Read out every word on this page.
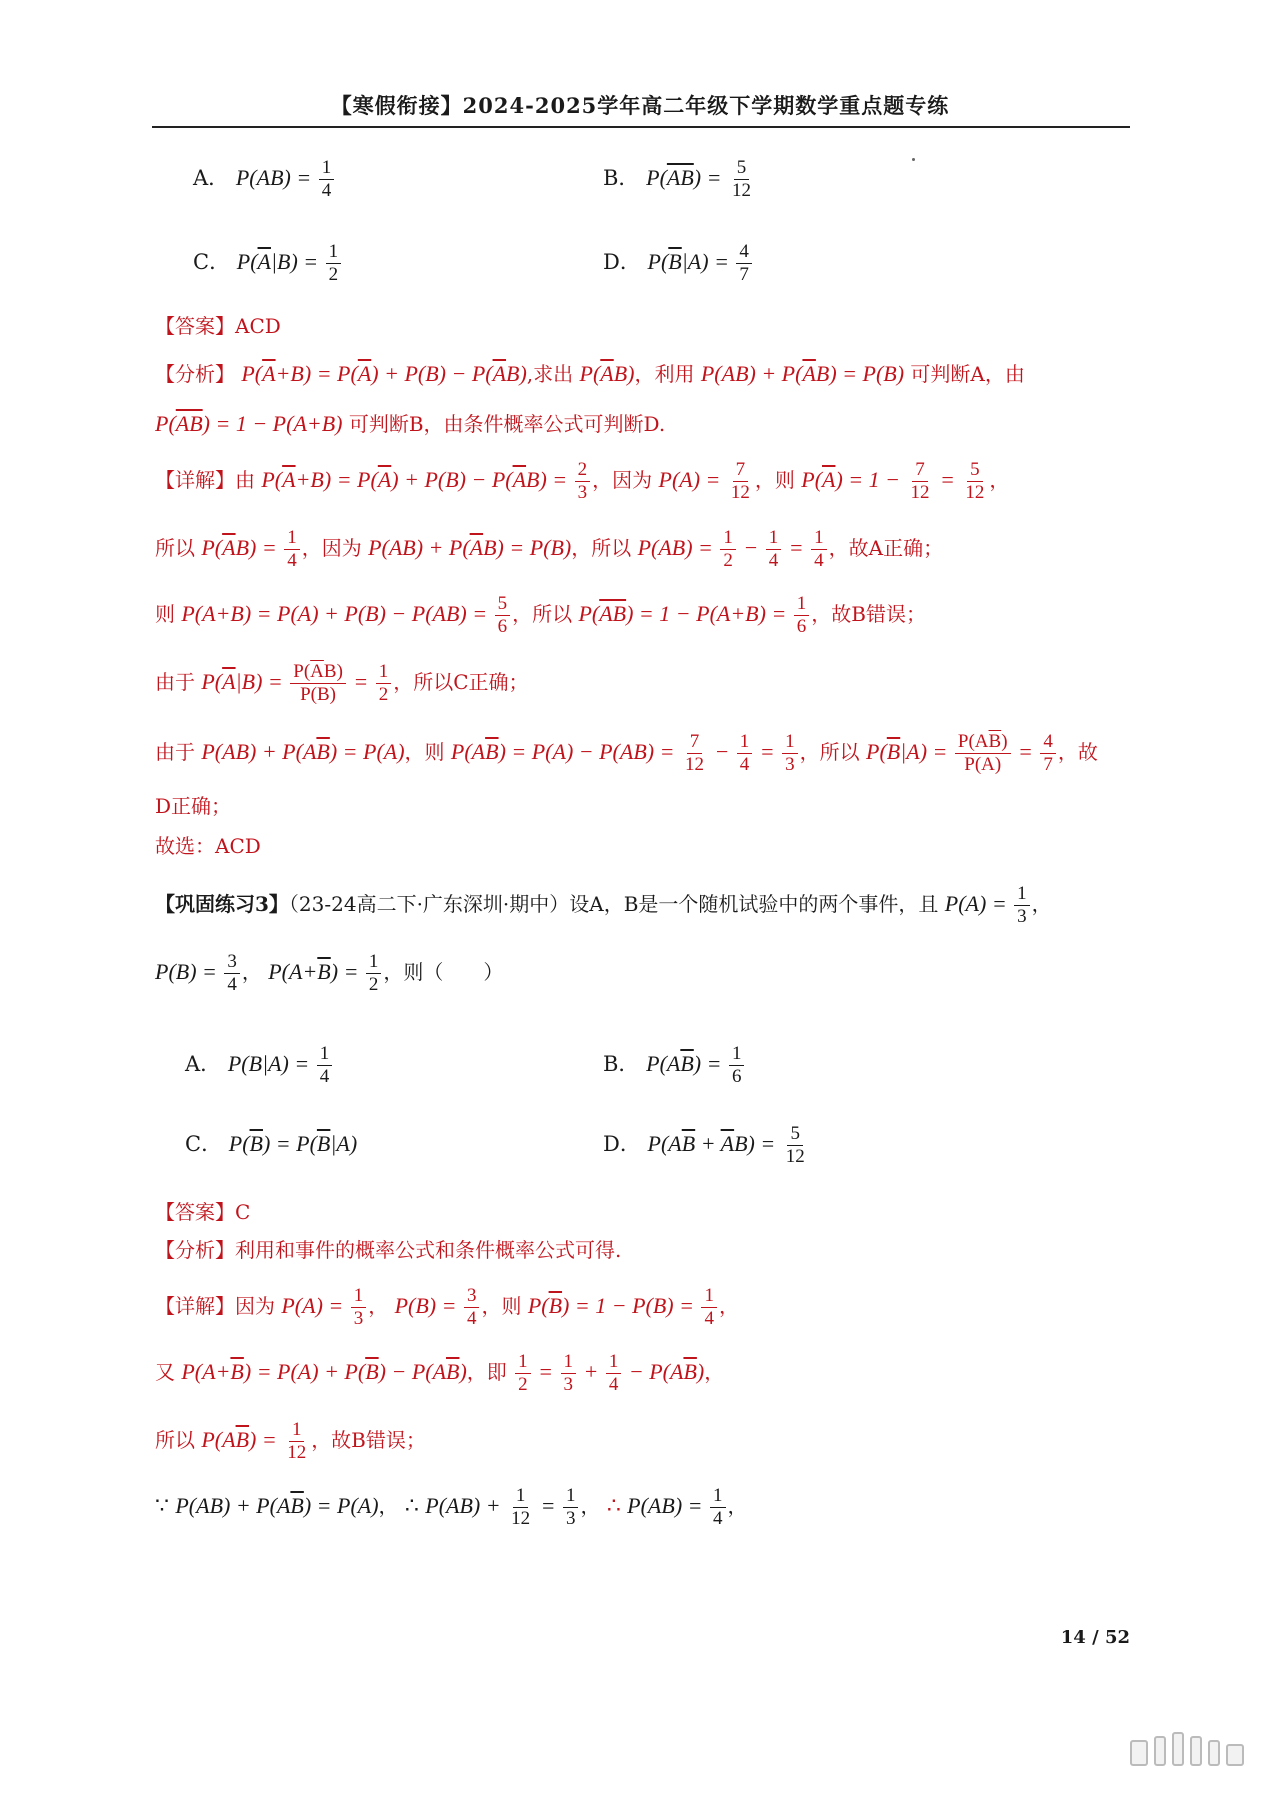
【寒假衔接】2024-2025学年高二年级下学期数学重点题专练
A． $P(AB) = \frac{1}{4}$	B． $P(\overline{AB}) = \frac{5}{12}$
C． $P(\overline{A}|B) = \frac{1}{2}$	D． $P(\overline{B}|A) = \frac{4}{7}$
【答案】ACD
【分析】 $P(\overline{A}+B) = P(\overline{A}) + P(B) - P(\overline{A}B)$,求出 $P(\overline{A}B)$，利用 $P(AB) + P(\overline{A}B) = P(B)$ 可判断A，由
$P(\overline{AB}) = 1 - P(A+B)$ 可判断B，由条件概率公式可判断D.
【详解】由 $P(\overline{A}+B) = P(\overline{A}) + P(B) - P(\overline{A}B) = \frac{2}{3}$ ，因为 $P(A) = \frac{7}{12}$ ，则 $P(\overline{A}) = 1 - \frac{7}{12} = \frac{5}{12}$ ，
所以 $P(\overline{A}B) = \frac{1}{4}$ ，因为 $P(AB) + P(\overline{A}B) = P(B)$，所以 $P(AB) = \frac{1}{2} - \frac{1}{4} = \frac{1}{4}$ ，故A正确；
则 $P(A+B) = P(A) + P(B) - P(AB) = \frac{5}{6}$ ，所以 $P(\overline{AB}) = 1 - P(A+B) = \frac{1}{6}$ ，故B错误；
由于 $P(\overline{A}|B) = \frac{P(\overline{A}B)}{P(B)} = \frac{1}{2}$ ，所以C正确；
由于 $P(AB) + P(A\overline{B}) = P(A)$，则 $P(A\overline{B}) = P(A) - P(AB) = \frac{7}{12} - \frac{1}{4} = \frac{1}{3}$ ，所以 $P(\overline{B}|A) = \frac{P(A\overline{B})}{P(A)} = \frac{4}{7}$ ，故
D正确；
故选：ACD
【巩固练习3】（23-24高二下·广东深圳·期中）设A，B是一个随机试验中的两个事件，且 $P(A) = \frac{1}{3}$ ，
$P(B) = \frac{3}{4}$ ， $P(A+\overline{B}) = \frac{1}{2}$ ，则（　　）
A． $P(B|A) = \frac{1}{4}$	B． $P(A\overline{B}) = \frac{1}{6}$
C． $P(\overline{B}) = P(\overline{B}|A)$	D． $P(A\overline{B} + \overline{A}B) = \frac{5}{12}$
【答案】C
【分析】利用和事件的概率公式和条件概率公式可得.
【详解】因为 $P(A) = \frac{1}{3}$ ， $P(B) = \frac{3}{4}$ ，则 $P(\overline{B}) = 1 - P(B) = \frac{1}{4}$ ，
又 $P(A+\overline{B}) = P(A) + P(\overline{B}) - P(A\overline{B})$，即 $\frac{1}{2} = \frac{1}{3} + \frac{1}{4} - P(A\overline{B})$，
所以 $P(A\overline{B}) = \frac{1}{12}$ ，故B错误；
∵ $P(AB) + P(A\overline{B}) = P(A)$， ∴ $P(AB) + \frac{1}{12} = \frac{1}{3}$ ， ∴ $P(AB) = \frac{1}{4}$ ，
14 / 52
